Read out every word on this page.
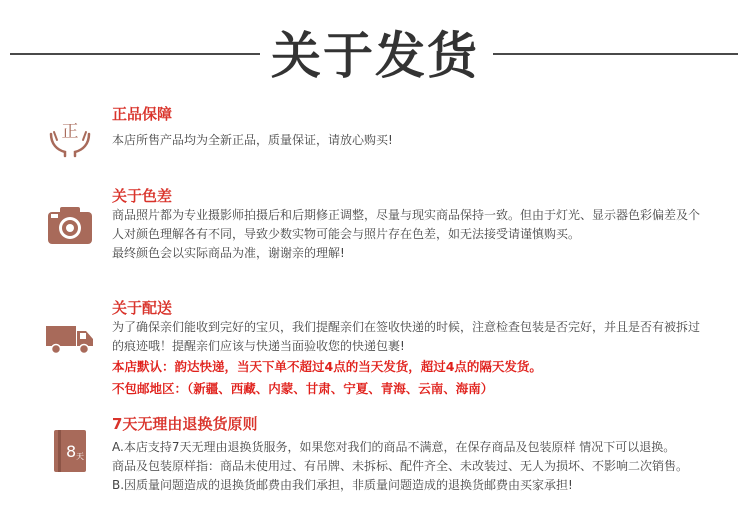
关于发货
正
正品保障
本店所售产品均为全新正品，质量保证，请放心购买!
关于色差
商品照片都为专业摄影师拍摄后和后期修正调整，尽量与现实商品保持一致。但由于灯光、显示器色彩偏差及个
人对颜色理解各有不同，导致少数实物可能会与照片存在色差，如无法接受请谨慎购买。
最终颜色会以实际商品为准，谢谢亲的理解!
关于配送
为了确保亲们能收到完好的宝贝，我们提醒亲们在签收快递的时候，注意检查包装是否完好，并且是否有被拆过
的痕迹哦！提醒亲们应该与快递当面验收您的快递包裹!
本店默认：韵达快递，当天下单不超过4点的当天发货，超过4点的隔天发货。
不包邮地区：（新疆、西藏、内蒙、甘肃、宁夏、青海、云南、海南）
8 天
7天无理由退换货原则
A.本店支持7天无理由退换货服务，如果您对我们的商品不满意，在保存商品及包装原样 情况下可以退换。
商品及包装原样指：商品未使用过、有吊牌、未拆标、配件齐全、未改装过、无人为损坏、不影响二次销售。
B.因质量问题造成的退换货邮费由我们承担，非质量问题造成的退换货邮费由买家承担!
